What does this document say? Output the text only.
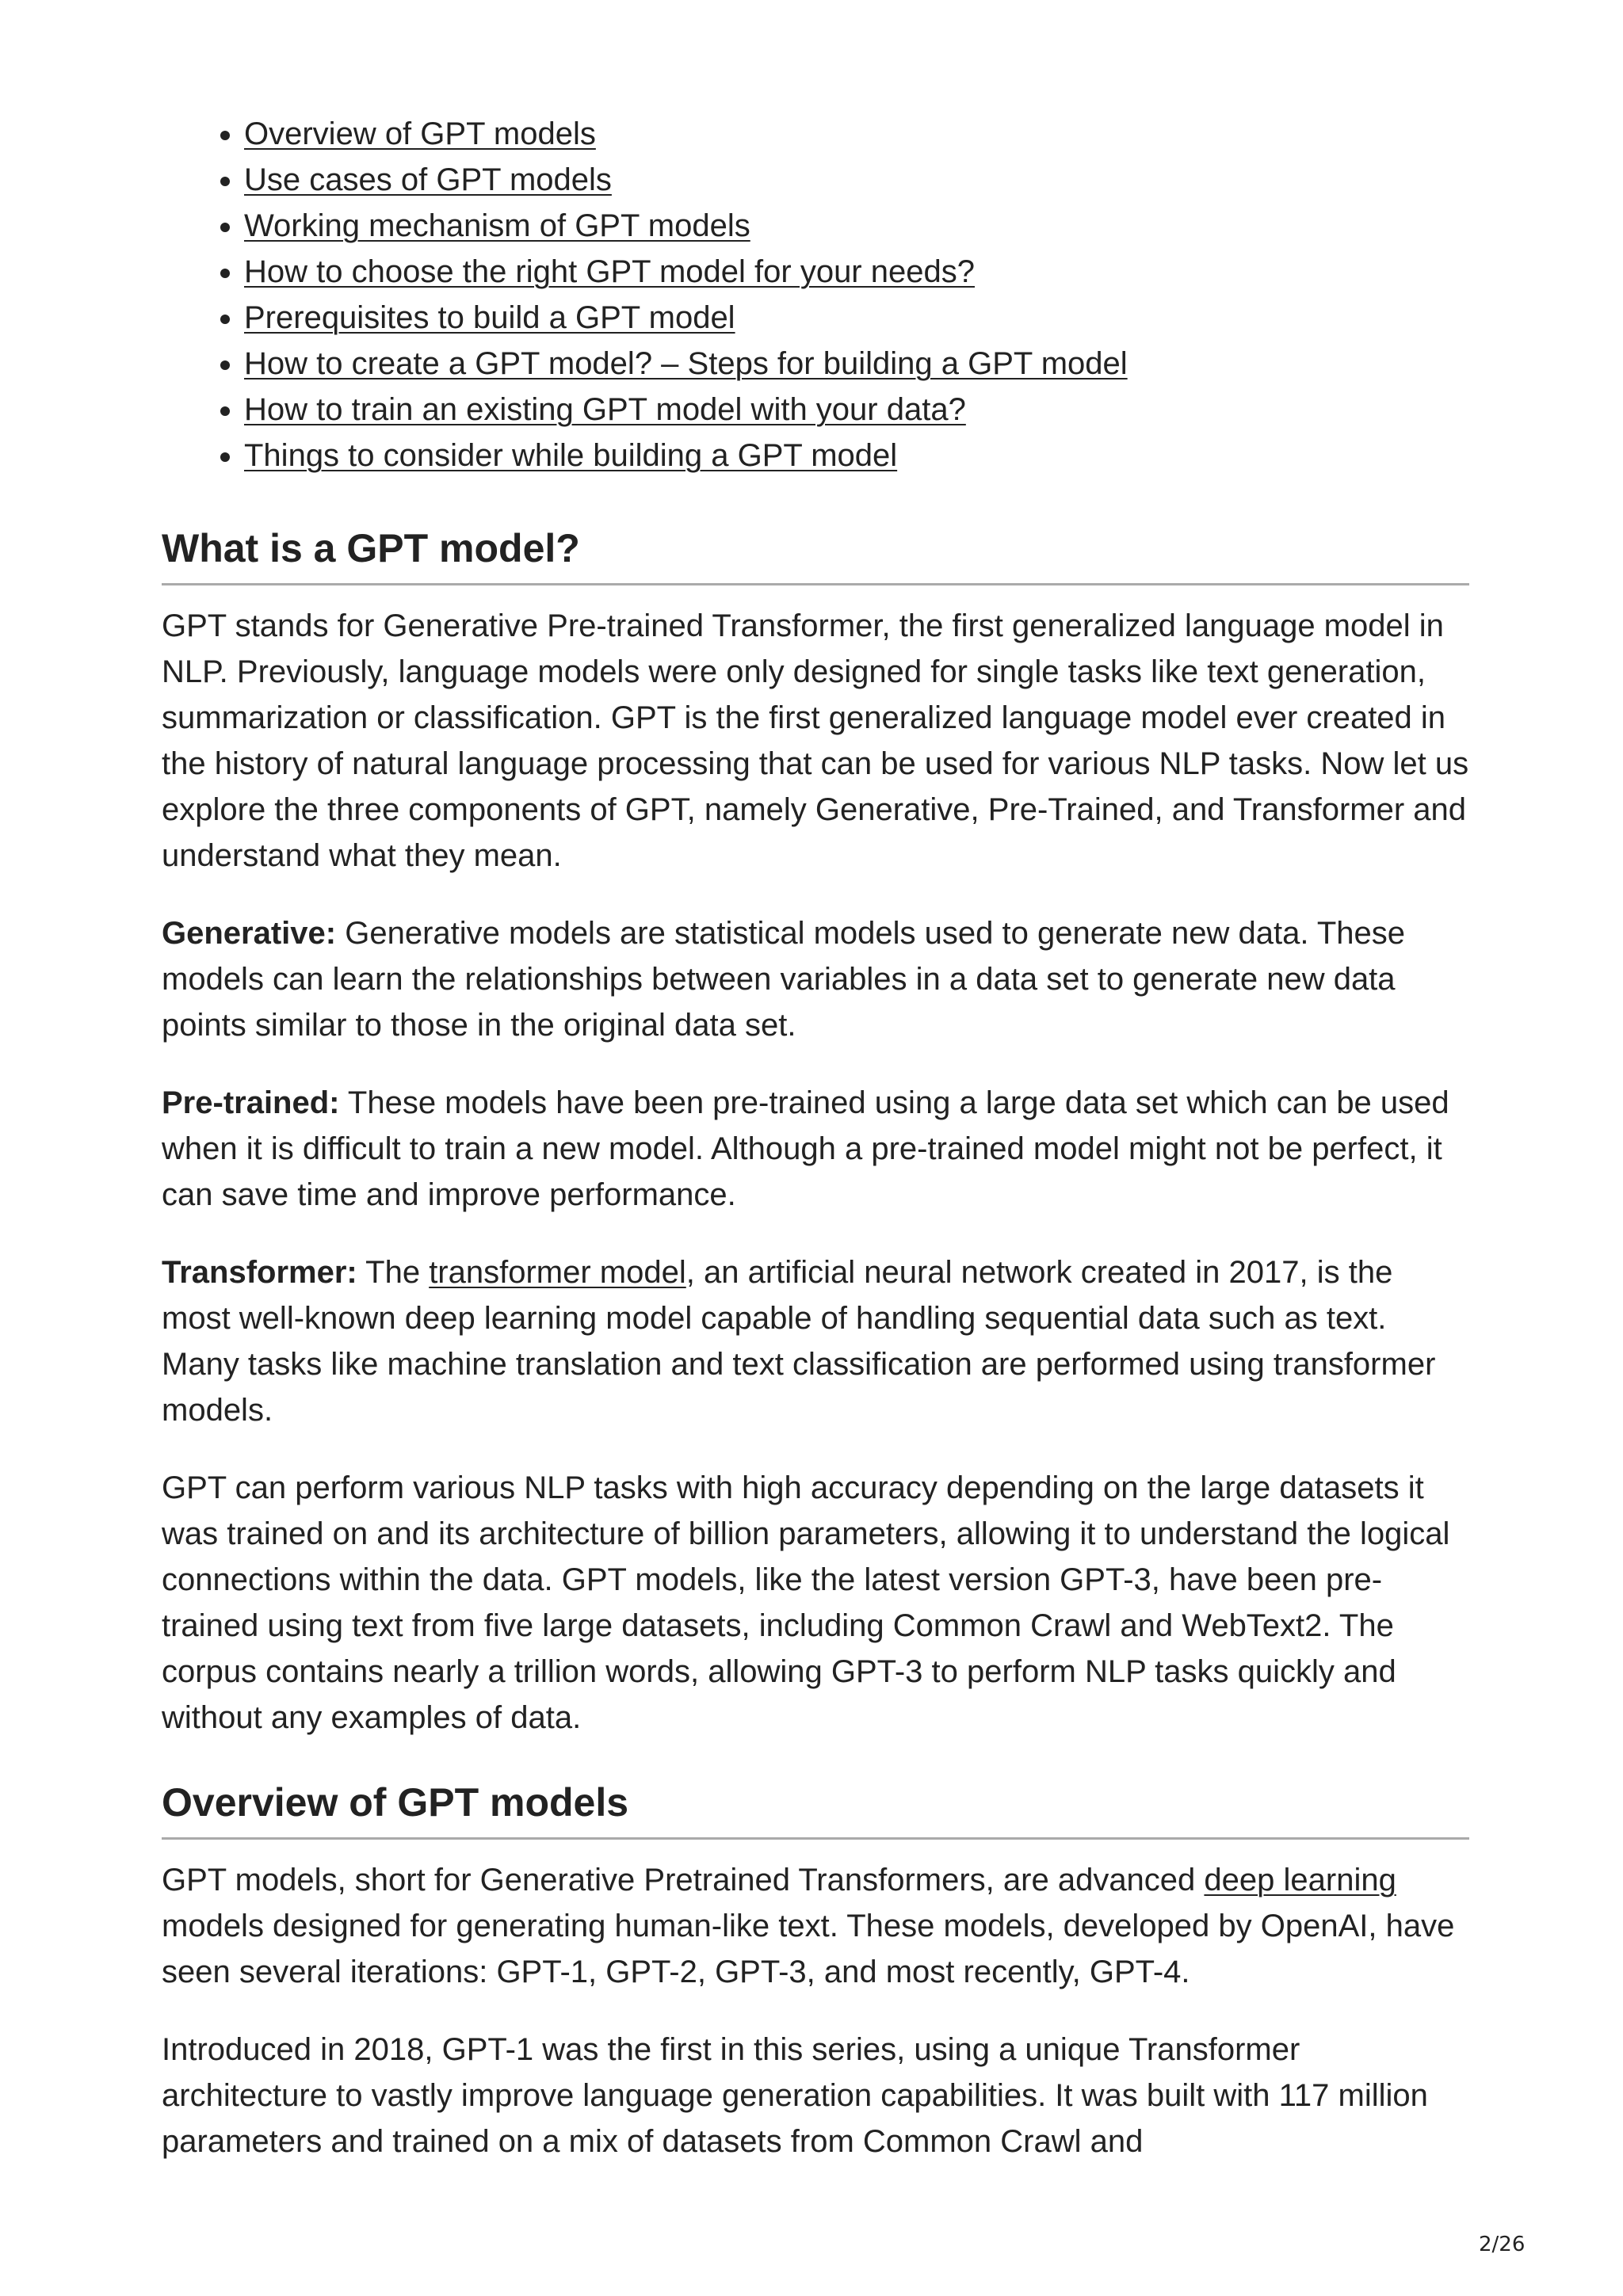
• Overview of GPT models
• Use cases of GPT models
• Working mechanism of GPT models
• How to choose the right GPT model for your needs?
• Prerequisites to build a GPT model
• How to create a GPT model? – Steps for building a GPT model
• How to train an existing GPT model with your data?
• Things to consider while building a GPT model
What is a GPT model?

GPT stands for Generative Pre-trained Transformer, the first generalized language model in NLP. Previously, language models were only designed for single tasks like text generation, summarization or classification. GPT is the first generalized language model ever created in the history of natural language processing that can be used for various NLP tasks. Now let us explore the three components of GPT, namely Generative, Pre-Trained, and Transformer and understand what they mean.

Generative: Generative models are statistical models used to generate new data. These models can learn the relationships between variables in a data set to generate new data points similar to those in the original data set.

Pre-trained: These models have been pre-trained using a large data set which can be used when it is difficult to train a new model. Although a pre-trained model might not be perfect, it can save time and improve performance.

Transformer: The transformer model, an artificial neural network created in 2017, is the most well-known deep learning model capable of handling sequential data such as text. Many tasks like machine translation and text classification are performed using transformer models.

GPT can perform various NLP tasks with high accuracy depending on the large datasets it was trained on and its architecture of billion parameters, allowing it to understand the logical connections within the data. GPT models, like the latest version GPT-3, have been pre-trained using text from five large datasets, including Common Crawl and WebText2. The corpus contains nearly a trillion words, allowing GPT-3 to perform NLP tasks quickly and without any examples of data.

Overview of GPT models

GPT models, short for Generative Pretrained Transformers, are advanced deep learning models designed for generating human-like text. These models, developed by OpenAI, have seen several iterations: GPT-1, GPT-2, GPT-3, and most recently, GPT-4.

Introduced in 2018, GPT-1 was the first in this series, using a unique Transformer architecture to vastly improve language generation capabilities. It was built with 117 million parameters and trained on a mix of datasets from Common Crawl and

2/26
